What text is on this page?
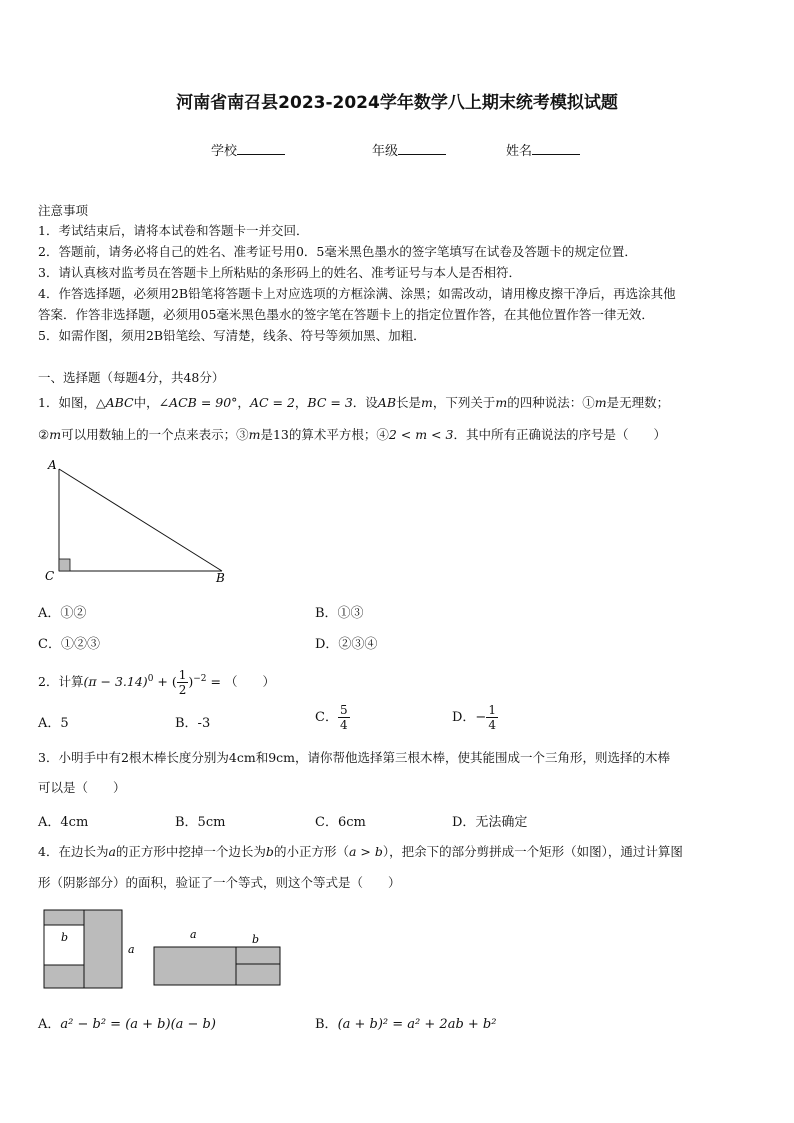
河南省南召县2023-2024学年数学八上期末统考模拟试题
学校	年级	姓名
注意事项
1．考试结束后，请将本试卷和答题卡一并交回．
2．答题前，请务必将自己的姓名、准考证号用0．5毫米黑色墨水的签字笔填写在试卷及答题卡的规定位置．
3．请认真核对监考员在答题卡上所粘贴的条形码上的姓名、准考证号与本人是否相符．
4．作答选择题，必须用2B铅笔将答题卡上对应选项的方框涂满、涂黑；如需改动，请用橡皮擦干净后，再选涂其他
答案．作答非选择题，必须用05毫米黑色墨水的签字笔在答题卡上的指定位置作答，在其他位置作答一律无效．
5．如需作图，须用2B铅笔绘、写清楚，线条、符号等须加黑、加粗．
一、选择题（每题4分，共48分）
1．如图，△ABC中，∠ACB = 90°，AC = 2，BC = 3．设AB长是m，下列关于m的四种说法：①m是无理数；
②m可以用数轴上的一个点来表示；③m是13的算术平方根；④2 < m < 3．其中所有正确说法的序号是（　　）
A
C	B
A．①②	B．①③
C．①②③	D．②③④
2．计算$(\pi - 3.14)^0$ + ( $\frac{1}{2} )^{-2}$ = （　　）
A．5	B．-3	C． $\frac{5}{4}$	D．− $\frac{1}{4}$
3．小明手中有2根木棒长度分别为4cm和9cm，请你帮他选择第三根木棒，使其能围成一个三角形，则选择的木棒
可以是（　　）
A．4cm	B．5cm	C．6cm	D．无法确定
4．在边长为a的正方形中挖掉一个边长为b的小正方形（a > b），把余下的部分剪拼成一个矩形（如图），通过计算图
形（阴影部分）的面积，验证了一个等式，则这个等式是（　　）
b
a
a	b
A．a² − b² = (a + b)(a − b)	B．(a + b)² = a² + 2ab + b²
